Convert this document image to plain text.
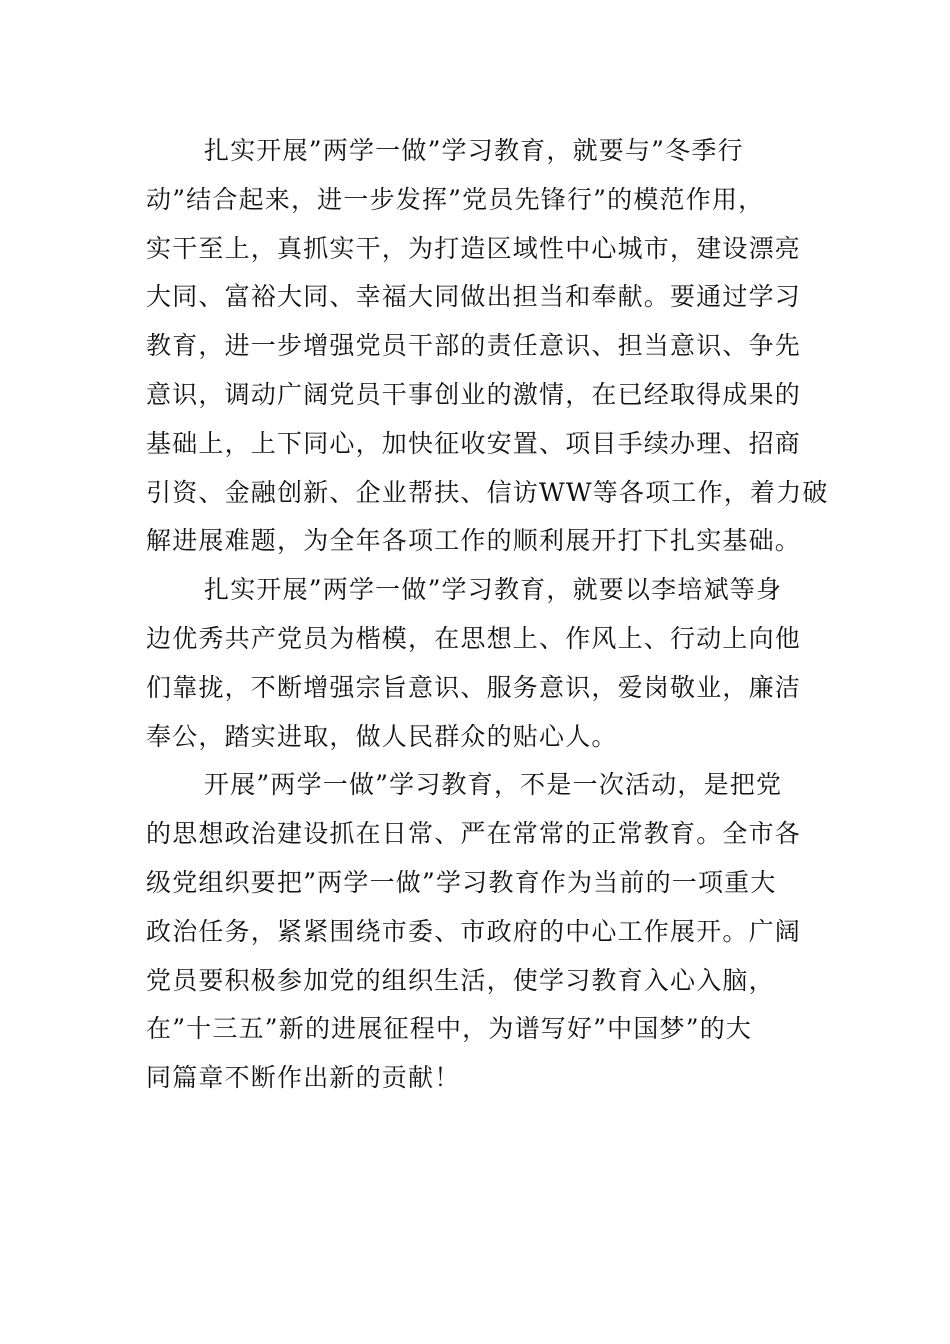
扎实开展”两学一做”学习教育，就要与”冬季行
动”结合起来，进一步发挥”党员先锋行”的模范作用，
实干至上，真抓实干，为打造区域性中心城市，建设漂亮
大同、富裕大同、幸福大同做出担当和奉献。要通过学习
教育，进一步增强党员干部的责任意识、担当意识、争先
意识，调动广阔党员干事创业的激情，在已经取得成果的
基础上，上下同心，加快征收安置、项目手续办理、招商
引资、金融创新、企业帮扶、信访WW等各项工作，着力破
解进展难题，为全年各项工作的顺利展开打下扎实基础。

扎实开展”两学一做”学习教育，就要以李培斌等身
边优秀共产党员为楷模，在思想上、作风上、行动上向他
们靠拢，不断增强宗旨意识、服务意识，爱岗敬业，廉洁
奉公，踏实进取，做人民群众的贴心人。

开展”两学一做”学习教育，不是一次活动，是把党
的思想政治建设抓在日常、严在常常的正常教育。全市各
级党组织要把”两学一做”学习教育作为当前的一项重大
政治任务，紧紧围绕市委、市政府的中心工作展开。广阔
党员要积极参加党的组织生活，使学习教育入心入脑，
在”十三五”新的进展征程中，为谱写好”中国梦”的大
同篇章不断作出新的贡献！
